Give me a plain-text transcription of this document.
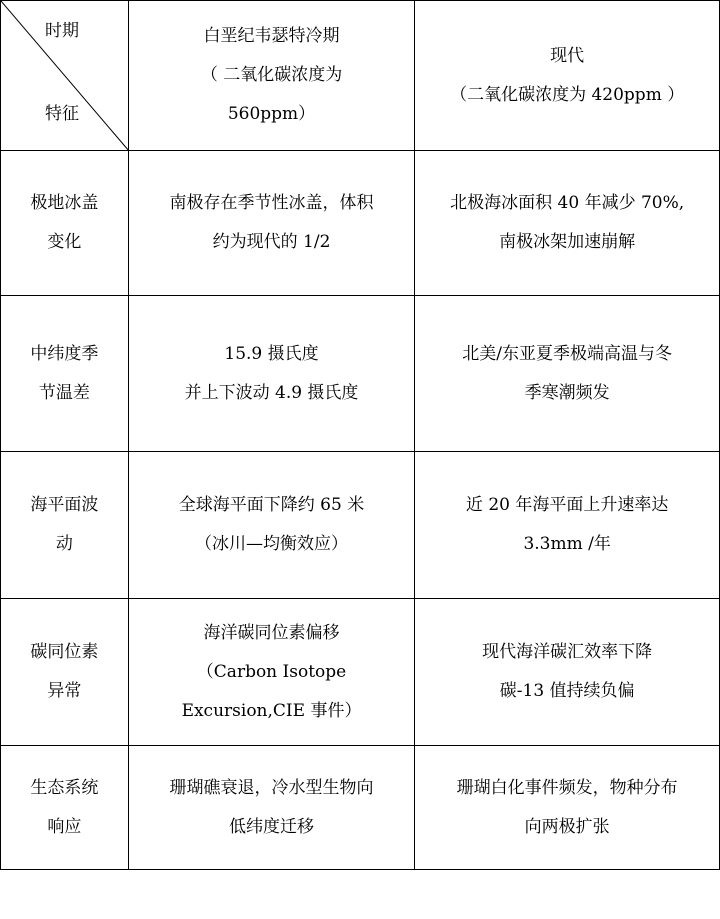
时期
特征	白垩纪韦瑟特冷期
（ 二氧化碳浓度为
560ppm）	现代
（二氧化碳浓度为 420ppm ）

极地冰盖
变化	南极存在季节性冰盖，体积
约为现代的 1/2	北极海冰面积 40 年减少 70%,
南极冰架加速崩解

中纬度季
节温差	15.9 摄氏度
并上下波动 4.9 摄氏度	北美/东亚夏季极端高温与冬
季寒潮频发

海平面波
动	全球海平面下降约 65 米
（冰川—均衡效应）	近 20 年海平面上升速率达
3.3mm /年

碳同位素
异常	海洋碳同位素偏移
（Carbon Isotope
Excursion,CIE 事件）	现代海洋碳汇效率下降
碳-13 值持续负偏

生态系统
响应	珊瑚礁衰退，冷水型生物向
低纬度迁移	珊瑚白化事件频发，物种分布
向两极扩张
